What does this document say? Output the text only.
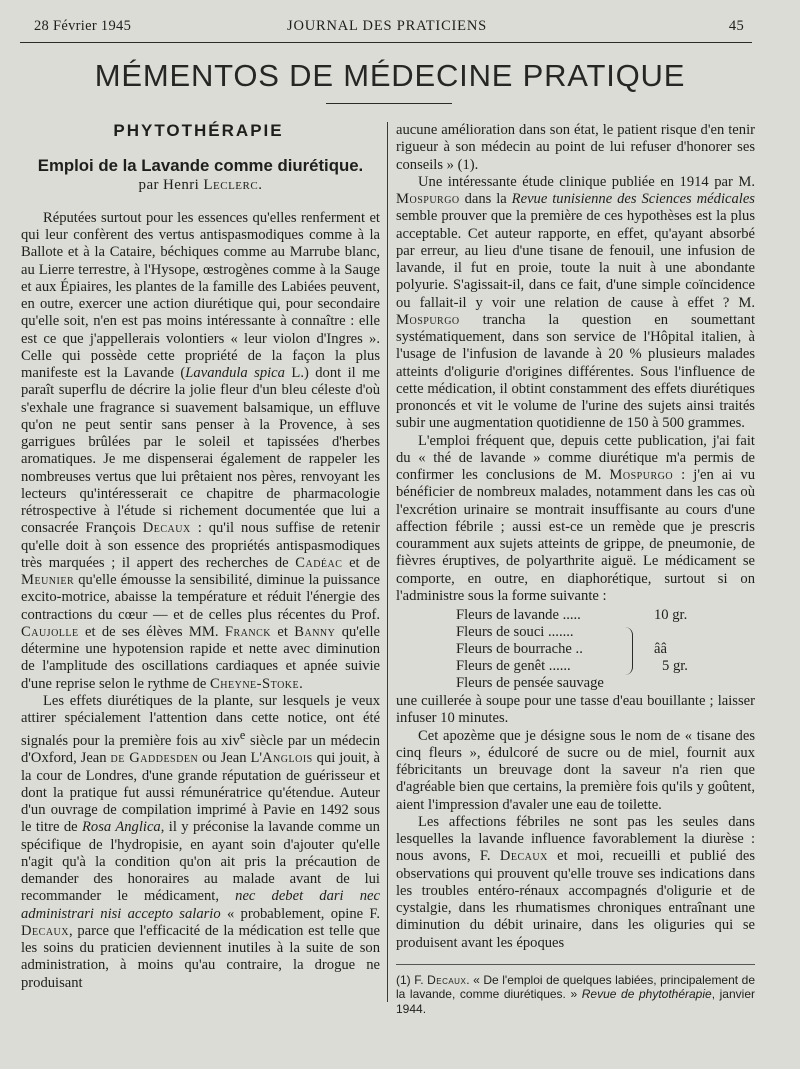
28 Février 1945	JOURNAL DES PRATICIENS	45
MÉMENTOS DE MÉDECINE PRATIQUE
PHYTOTHÉRAPIE
Emploi de la Lavande comme diurétique.
par Henri Leclerc.

Réputées surtout pour les essences qu'elles renferment et qui leur confèrent des vertus antispasmodiques comme à la Ballote et à la Cataire, béchiques comme au Marrube blanc, au Lierre terrestre, à l'Hysope, œstrogènes comme à la Sauge et aux Épiaires, les plantes de la famille des Labiées peuvent, en outre, exercer une action diurétique qui, pour secondaire qu'elle soit, n'en est pas moins intéressante à connaître : elle est ce que j'appellerais volontiers « leur violon d'Ingres ». Celle qui possède cette propriété de la façon la plus manifeste est la Lavande (Lavandula spica L.) dont il me paraît superflu de décrire la jolie fleur d'un bleu céleste d'où s'exhale une fragrance si suavement balsamique, un effluve qu'on ne peut sentir sans penser à la Provence, à ses garrigues brûlées par le soleil et tapissées d'herbes aromatiques. Je me dispenserai également de rappeler les nombreuses vertus que lui prêtaient nos pères, renvoyant les lecteurs qu'intéresserait ce chapitre de pharmacologie rétrospective à l'étude si richement documentée que lui a consacrée François Decaux : qu'il nous suffise de retenir qu'elle doit à son essence des propriétés antispasmodiques très marquées ; il appert des recherches de Cadéac et de Meunier qu'elle émousse la sensibilité, diminue la puissance excito-motrice, abaisse la température et réduit l'énergie des contractions du cœur — et de celles plus récentes du Prof. Caujolle et de ses élèves MM. Franck et Banny qu'elle détermine une hypotension rapide et nette avec diminution de l'amplitude des oscillations cardiaques et apnée suivie d'une reprise selon le rythme de Cheyne-Stoke.

Les effets diurétiques de la plante, sur lesquels je veux attirer spécialement l'attention dans cette notice, ont été signalés pour la première fois au xiv$^e$ siècle par un médecin d'Oxford, Jean de Gaddesden ou Jean L'Anglois qui jouit, à la cour de Londres, d'une grande réputation de guérisseur et dont la pratique fut aussi rémunératrice qu'étendue. Auteur d'un ouvrage de compilation imprimé à Pavie en 1492 sous le titre de Rosa Anglica, il y préconise la lavande comme un spécifique de l'hydropisie, en ayant soin d'ajouter qu'elle n'agit qu'à la condition qu'on ait pris la précaution de demander des honoraires au malade avant de lui recommander le médicament, nec debet dari nec administrari nisi accepto salario « probablement, opine F. Decaux, parce que l'efficacité de la médication est telle que les soins du praticien deviennent inutiles à la suite de son administration, à moins qu'au contraire, la drogue ne produisant

aucune amélioration dans son état, le patient risque d'en tenir rigueur à son médecin au point de lui refuser d'honorer ses conseils » (1).

Une intéressante étude clinique publiée en 1914 par M. Mospurgo dans la Revue tunisienne des Sciences médicales semble prouver que la première de ces hypothèses est la plus acceptable. Cet auteur rapporte, en effet, qu'ayant absorbé par erreur, au lieu d'une tisane de fenouil, une infusion de lavande, il fut en proie, toute la nuit à une abondante polyurie. S'agissait-il, dans ce fait, d'une simple coïncidence ou fallait-il y voir une relation de cause à effet ? M. Mospurgo trancha la question en soumettant systématiquement, dans son service de l'Hôpital italien, à l'usage de l'infusion de lavande à 20 % plusieurs malades atteints d'oligurie d'origines différentes. Sous l'influence de cette médication, il obtint constamment des effets diurétiques prononcés et vit le volume de l'urine des sujets ainsi traités subir une augmentation quotidienne de 150 à 500 grammes.

L'emploi fréquent que, depuis cette publication, j'ai fait du « thé de lavande » comme diurétique m'a permis de confirmer les conclusions de M. Mospurgo : j'en ai vu bénéficier de nombreux malades, notamment dans les cas où l'excrétion urinaire se montrait insuffisante au cours d'une affection fébrile ; aussi est-ce un remède que je prescris couramment aux sujets atteints de grippe, de pneumonie, de fièvres éruptives, de polyarthrite aiguë. Le médicament se comporte, en outre, en diaphorétique, surtout si on l'administre sous la forme suivante :

Fleurs de lavande .....	10 gr.
Fleurs de souci .......
Fleurs de bourrache ..	ââ
Fleurs de genêt ......	5 gr.
Fleurs de pensée sauvage

une cuillerée à soupe pour une tasse d'eau bouillante ; laisser infuser 10 minutes.

Cet apozème que je désigne sous le nom de « tisane des cinq fleurs », édulcoré de sucre ou de miel, fournit aux fébricitants un breuvage dont la saveur n'a rien que d'agréable bien que certains, la première fois qu'ils y goûtent, aient l'impression d'avaler une eau de toilette.

Les affections fébriles ne sont pas les seules dans lesquelles la lavande influence favorablement la diurèse : nous avons, F. Decaux et moi, recueilli et publié des observations qui prouvent qu'elle trouve ses indications dans les troubles entéro-rénaux accompagnés d'oligurie et de cystalgie, dans les rhumatismes chroniques entraînant une diminution du débit urinaire, dans les oliguries qui se produisent avant les époques

(1) F. Decaux. « De l'emploi de quelques labiées, principalement de la lavande, comme diurétiques. » Revue de phytothérapie, janvier 1944.
